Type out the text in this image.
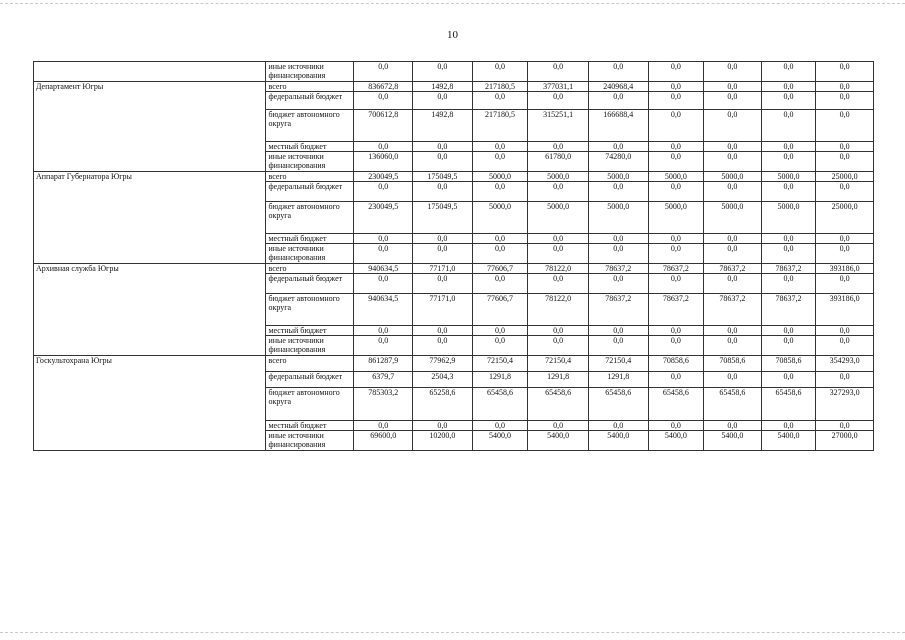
10
	иные источники финансирования	0,0	0,0	0,0	0,0	0,0	0,0	0,0	0,0	0,0
Департамент Югры	всего	836672,8	1492,8	217180,5	377031,1	240968,4	0,0	0,0	0,0	0,0
	федеральный бюджет	0,0	0,0	0,0	0,0	0,0	0,0	0,0	0,0	0,0
	бюджет автономного округа	700612,8	1492,8	217180,5	315251,1	166688,4	0,0	0,0	0,0	0,0
	местный бюджет	0,0	0,0	0,0	0,0	0,0	0,0	0,0	0,0	0,0
	иные источники финансирования	136060,0	0,0	0,0	61780,0	74280,0	0,0	0,0	0,0	0,0
Аппарат Губернатора Югры	всего	230049,5	175049,5	5000,0	5000,0	5000,0	5000,0	5000,0	5000,0	25000,0
	федеральный бюджет	0,0	0,0	0,0	0,0	0,0	0,0	0,0	0,0	0,0
	бюджет автономного округа	230049,5	175049,5	5000,0	5000,0	5000,0	5000,0	5000,0	5000,0	25000,0
	местный бюджет	0,0	0,0	0,0	0,0	0,0	0,0	0,0	0,0	0,0
	иные источники финансирования	0,0	0,0	0,0	0,0	0,0	0,0	0,0	0,0	0,0
Архивная служба Югры	всего	940634,5	77171,0	77606,7	78122,0	78637,2	78637,2	78637,2	78637,2	393186,0
	федеральный бюджет	0,0	0,0	0,0	0,0	0,0	0,0	0,0	0,0	0,0
	бюджет автономного округа	940634,5	77171,0	77606,7	78122,0	78637,2	78637,2	78637,2	78637,2	393186,0
	местный бюджет	0,0	0,0	0,0	0,0	0,0	0,0	0,0	0,0	0,0
	иные источники финансирования	0,0	0,0	0,0	0,0	0,0	0,0	0,0	0,0	0,0
Госкультохрана Югры	всего	861287,9	77962,9	72150,4	72150,4	72150,4	70858,6	70858,6	70858,6	354293,0
	федеральный бюджет	6379,7	2504,3	1291,8	1291,8	1291,8	0,0	0,0	0,0	0,0
	бюджет автономного округа	785303,2	65258,6	65458,6	65458,6	65458,6	65458,6	65458,6	65458,6	327293,0
	местный бюджет	0,0	0,0	0,0	0,0	0,0	0,0	0,0	0,0	0,0
	иные источники финансирования	69600,0	10200,0	5400,0	5400,0	5400,0	5400,0	5400,0	5400,0	27000,0
